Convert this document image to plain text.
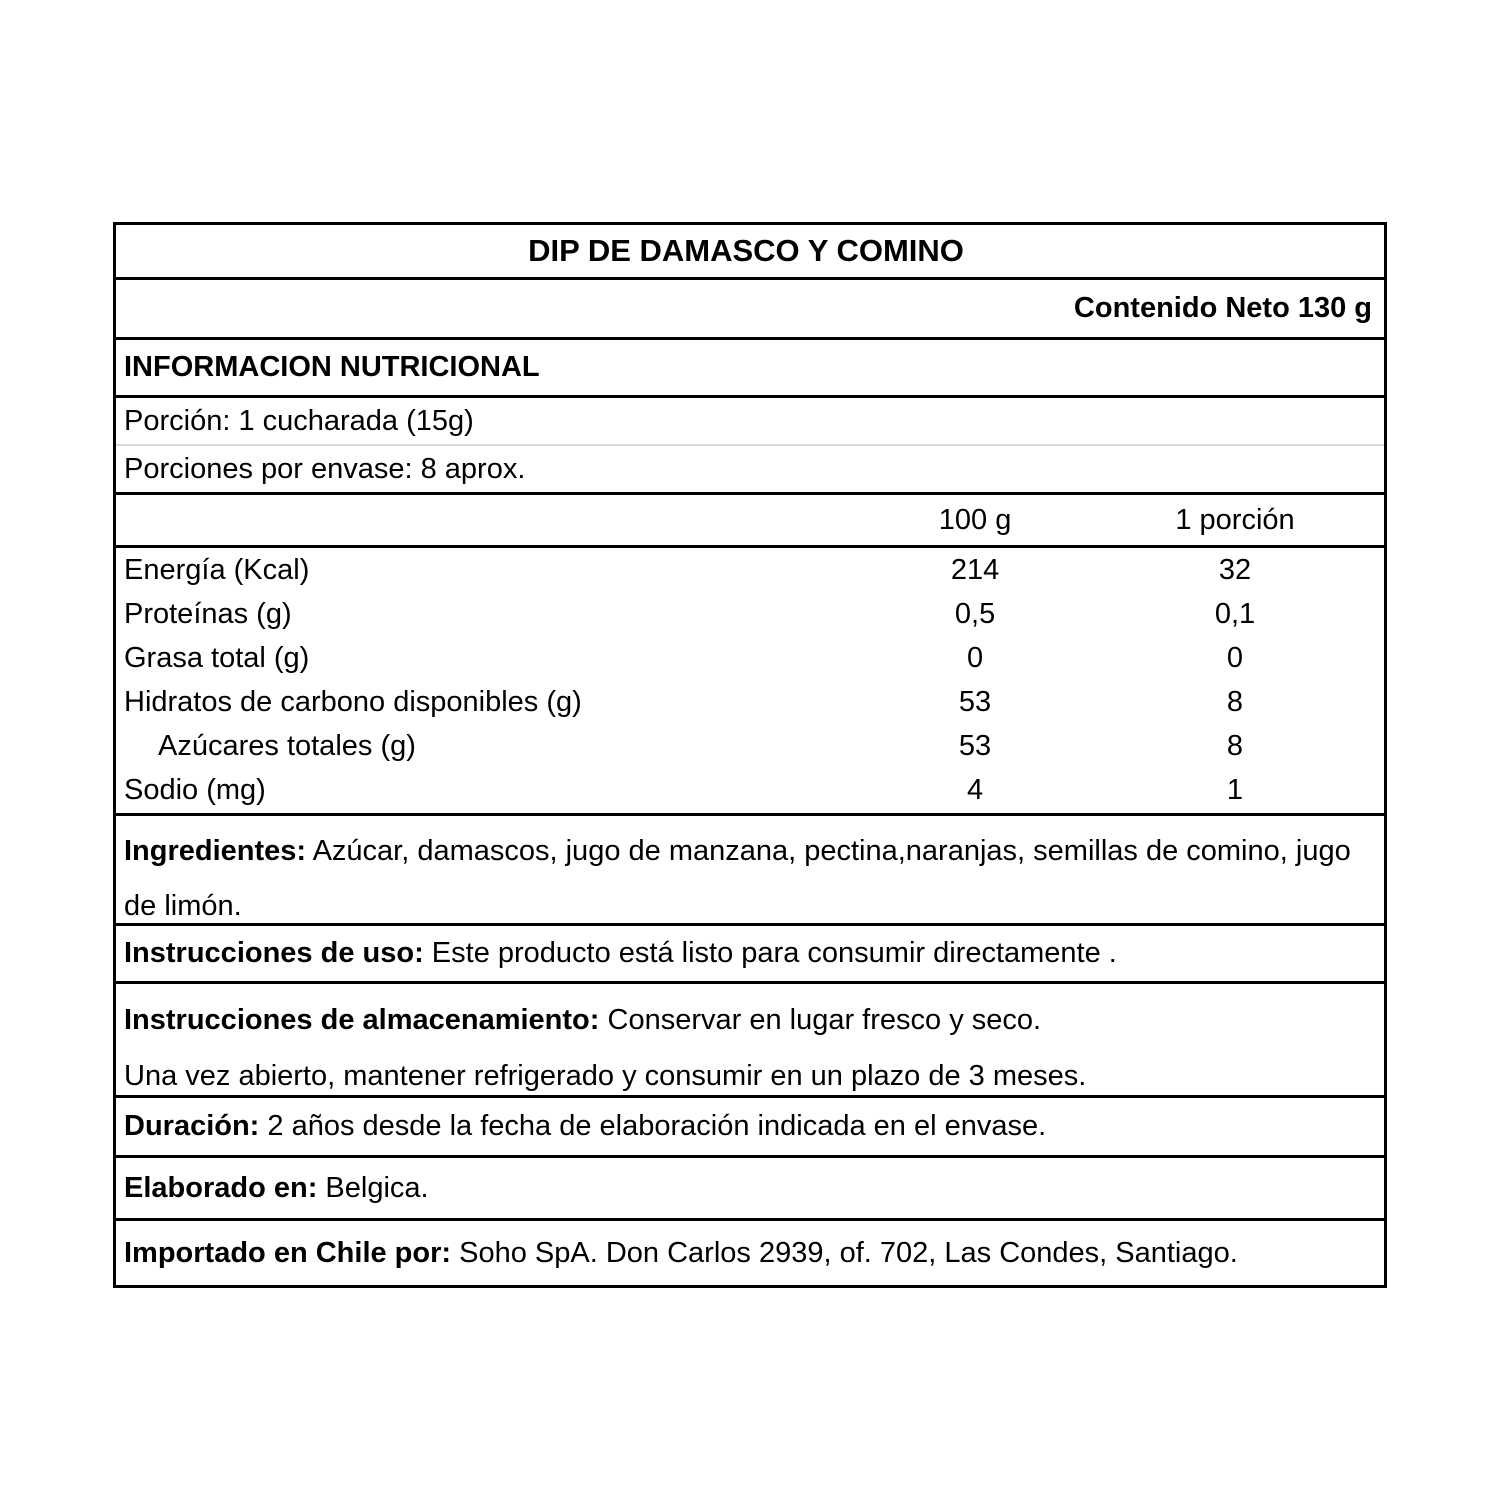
DIP DE DAMASCO Y COMINO
Contenido Neto 130 g
INFORMACION NUTRICIONAL
Porción: 1 cucharada (15g)
Porciones por envase: 8 aprox.
100 g	1 porción
Energía (Kcal)	214	32
Proteínas (g)	0,5	0,1
Grasa total (g)	0	0
Hidratos de carbono disponibles (g)	53	8
Azúcares totales (g)	53	8
Sodio (mg)	4	1
Ingredientes: Azúcar, damascos, jugo de manzana, pectina,naranjas, semillas de comino, jugo de limón.
Instrucciones de uso: Este producto está listo para consumir directamente .
Instrucciones de almacenamiento: Conservar en lugar fresco y seco.
Una vez abierto, mantener refrigerado y consumir en un plazo de 3 meses.
Duración: 2 años desde la fecha de elaboración indicada en el envase.
Elaborado en: Belgica.
Importado en Chile por: Soho SpA. Don Carlos 2939, of. 702, Las Condes, Santiago.
